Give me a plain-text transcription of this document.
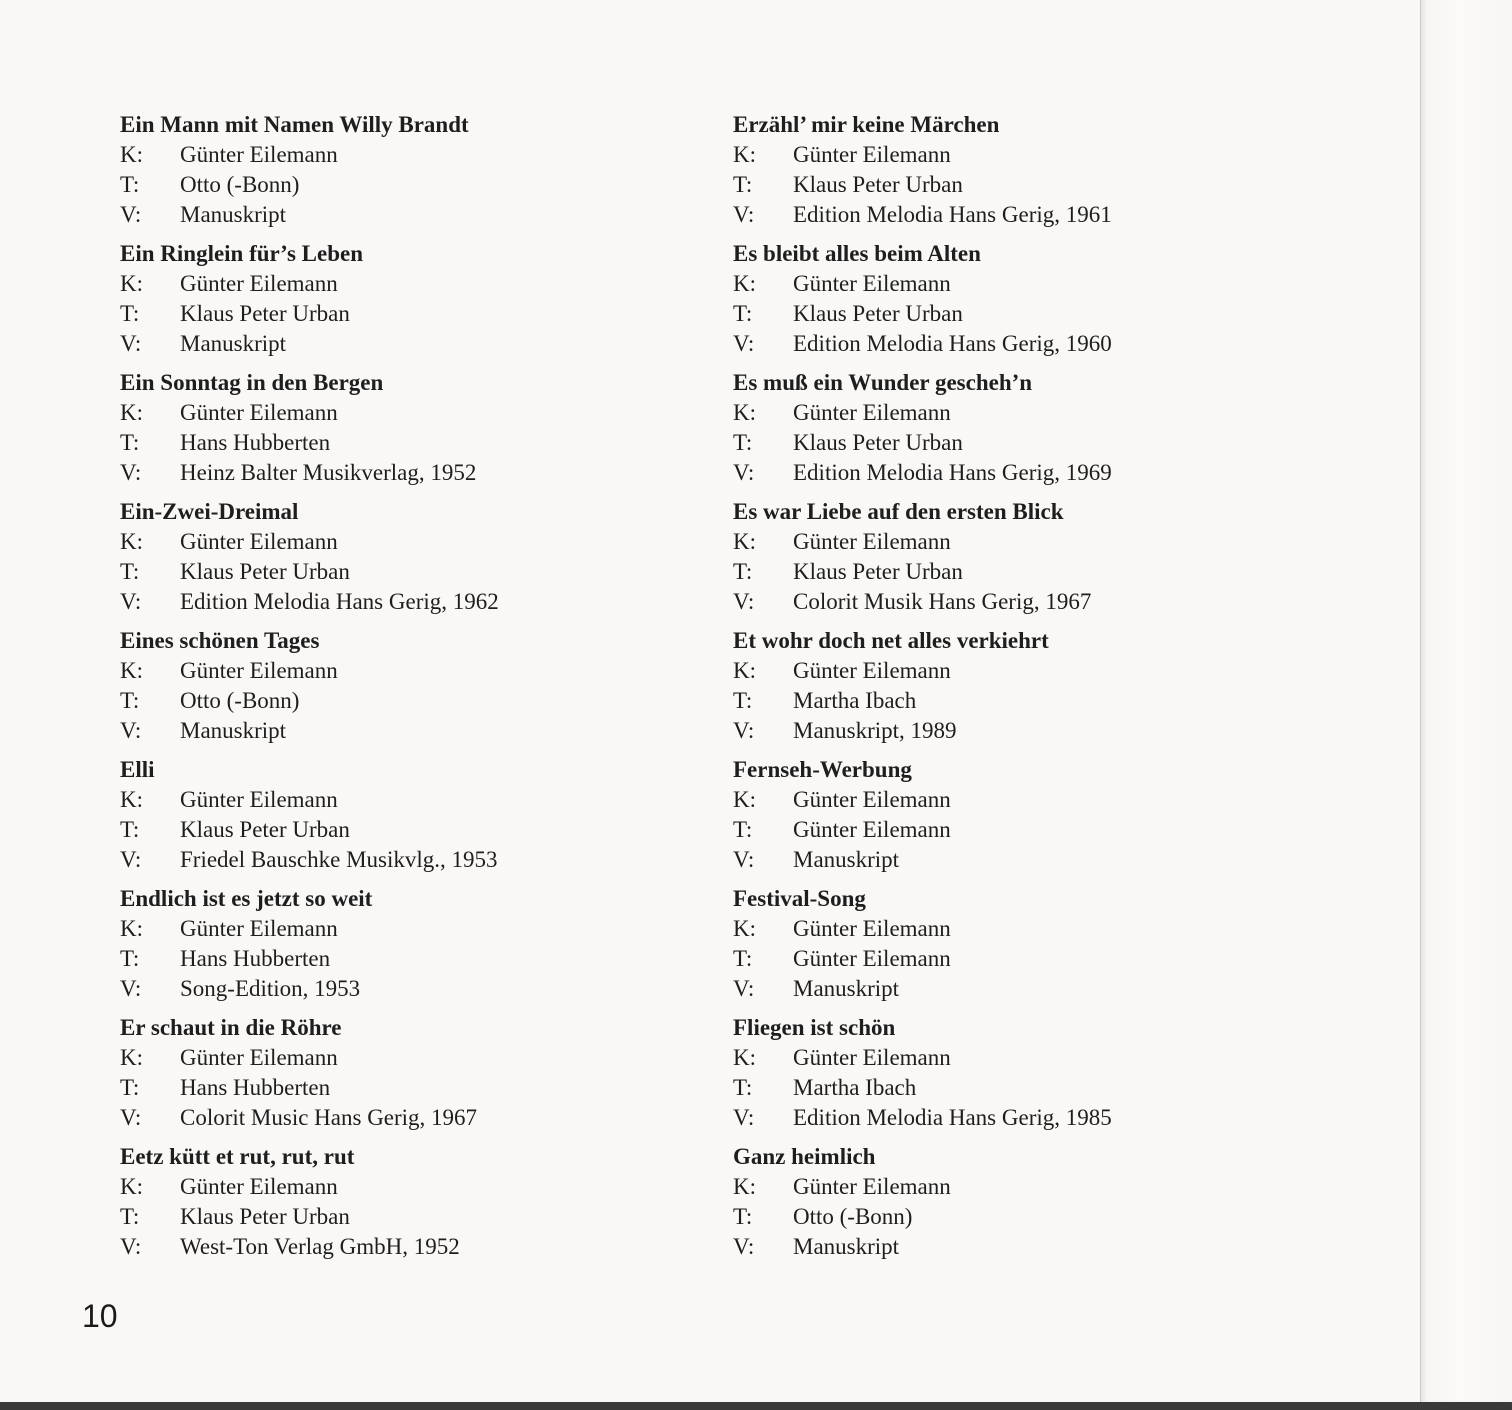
Ein Mann mit Namen Willy Brandt
K:	Günter Eilemann
T:	Otto (-Bonn)
V:	Manuskript
Ein Ringlein für’s Leben
K:	Günter Eilemann
T:	Klaus Peter Urban
V:	Manuskript
Ein Sonntag in den Bergen
K:	Günter Eilemann
T:	Hans Hubberten
V:	Heinz Balter Musikverlag, 1952
Ein-Zwei-Dreimal
K:	Günter Eilemann
T:	Klaus Peter Urban
V:	Edition Melodia Hans Gerig, 1962
Eines schönen Tages
K:	Günter Eilemann
T:	Otto (-Bonn)
V:	Manuskript
Elli
K:	Günter Eilemann
T:	Klaus Peter Urban
V:	Friedel Bauschke Musikvlg., 1953
Endlich ist es jetzt so weit
K:	Günter Eilemann
T:	Hans Hubberten
V:	Song-Edition, 1953
Er schaut in die Röhre
K:	Günter Eilemann
T:	Hans Hubberten
V:	Colorit Music Hans Gerig, 1967
Eetz kütt et rut, rut, rut
K:	Günter Eilemann
T:	Klaus Peter Urban
V:	West-Ton Verlag GmbH, 1952
Erzähl’ mir keine Märchen
K:	Günter Eilemann
T:	Klaus Peter Urban
V:	Edition Melodia Hans Gerig, 1961
Es bleibt alles beim Alten
K:	Günter Eilemann
T:	Klaus Peter Urban
V:	Edition Melodia Hans Gerig, 1960
Es muß ein Wunder gescheh’n
K:	Günter Eilemann
T:	Klaus Peter Urban
V:	Edition Melodia Hans Gerig, 1969
Es war Liebe auf den ersten Blick
K:	Günter Eilemann
T:	Klaus Peter Urban
V:	Colorit Musik Hans Gerig, 1967
Et wohr doch net alles verkiehrt
K:	Günter Eilemann
T:	Martha Ibach
V:	Manuskript, 1989
Fernseh-Werbung
K:	Günter Eilemann
T:	Günter Eilemann
V:	Manuskript
Festival-Song
K:	Günter Eilemann
T:	Günter Eilemann
V:	Manuskript
Fliegen ist schön
K:	Günter Eilemann
T:	Martha Ibach
V:	Edition Melodia Hans Gerig, 1985
Ganz heimlich
K:	Günter Eilemann
T:	Otto (-Bonn)
V:	Manuskript
10
